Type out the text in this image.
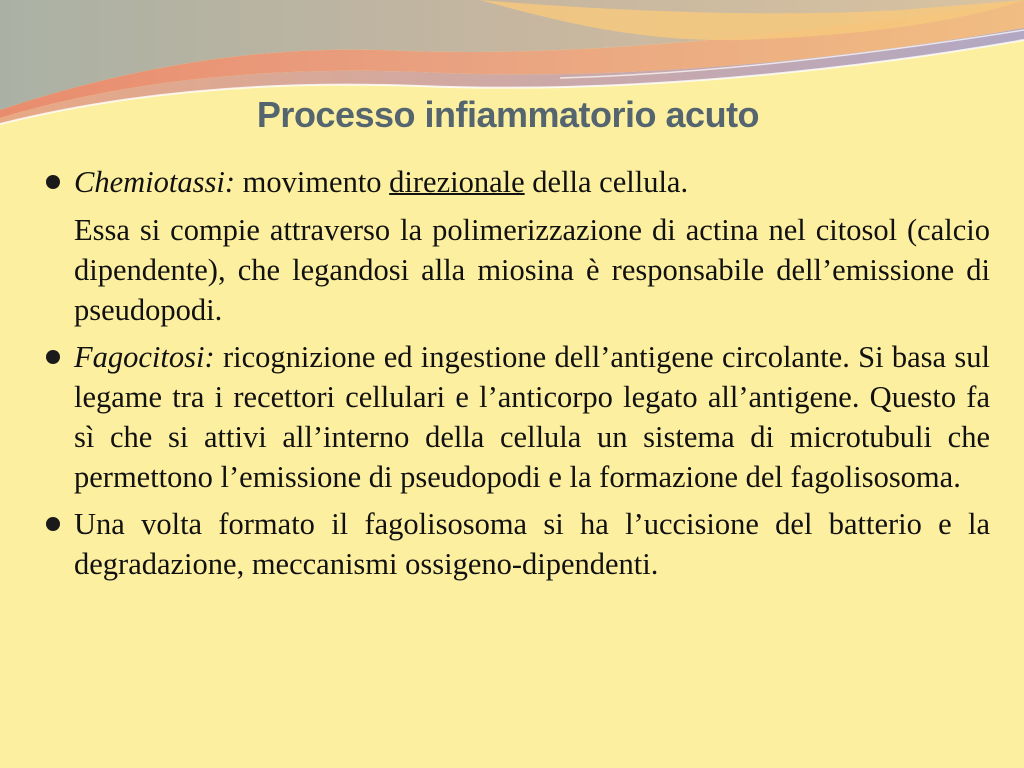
Processo infiammatorio acuto
Chemiotassi: movimento direzionale della cellula.
Essa si compie attraverso la polimerizzazione di actina nel citosol (calcio dipendente), che legandosi alla miosina è responsabile dell’emissione di pseudopodi.
Fagocitosi: ricognizione ed ingestione dell’antigene circolante. Si basa sul legame tra i recettori cellulari e l’anticorpo legato all’antigene. Questo fa sì che si attivi all’interno della cellula un sistema di microtubuli che permettono l’emissione di pseudopodi e la formazione del fagolisosoma.
Una volta formato il fagolisosoma si ha l’uccisione del batterio e la degradazione, meccanismi ossigeno-dipendenti.
